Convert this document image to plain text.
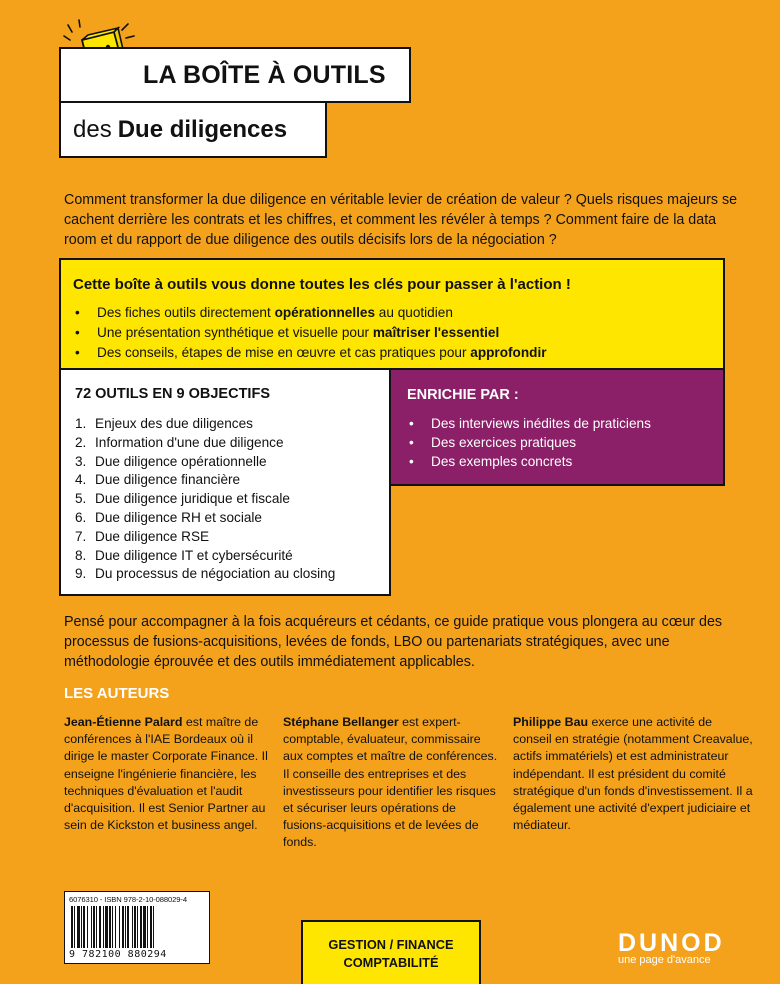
LA BOÎTE À OUTILS
des Due diligences

Comment transformer la due diligence en véritable levier de création de valeur ? Quels risques majeurs se cachent derrière les contrats et les chiffres, et comment les révéler à temps ? Comment faire de la data room et du rapport de due diligence des outils décisifs lors de la négociation ?

Cette boîte à outils vous donne toutes les clés pour passer à l'action !
• Des fiches outils directement opérationnelles au quotidien
• Une présentation synthétique et visuelle pour maîtriser l'essentiel
• Des conseils, étapes de mise en œuvre et cas pratiques pour approfondir
72 OUTILS EN 9 OBJECTIFS
1. Enjeux des due diligences
2. Information d'une due diligence
3. Due diligence opérationnelle
4. Due diligence financière
5. Due diligence juridique et fiscale
6. Due diligence RH et sociale
7. Due diligence RSE
8. Due diligence IT et cybersécurité
9. Du processus de négociation au closing
ENRICHIE PAR :
• Des interviews inédites de praticiens
• Des exercices pratiques
• Des exemples concrets

Pensé pour accompagner à la fois acquéreurs et cédants, ce guide pratique vous plongera au cœur des processus de fusions-acquisitions, levées de fonds, LBO ou partenariats stratégiques, avec une méthodologie éprouvée et des outils immédiatement applicables.

LES AUTEURS

Jean-Étienne Palard est maître de conférences à l'IAE Bordeaux où il dirige le master Corporate Finance. Il enseigne l'ingénierie financière, les techniques d'évaluation et l'audit d'acquisition. Il est Senior Partner au sein de Kickston et business angel.

Stéphane Bellanger est expert-comptable, évaluateur, commissaire aux comptes et maître de conférences. Il conseille des entreprises et des investisseurs pour identifier les risques et sécuriser leurs opérations de fusions-acquisitions et de levées de fonds.

Philippe Bau exerce une activité de conseil en stratégie (notamment Creavalue, actifs immatériels) et est administrateur indépendant. Il est président du comité stratégique d'un fonds d'investissement. Il a également une activité d'expert judiciaire et médiateur.

6076310 - ISBN 978-2-10-088029-4
9 782100 880294
GESTION / FINANCE
COMPTABILITÉ
DUNOD
une page d'avance
